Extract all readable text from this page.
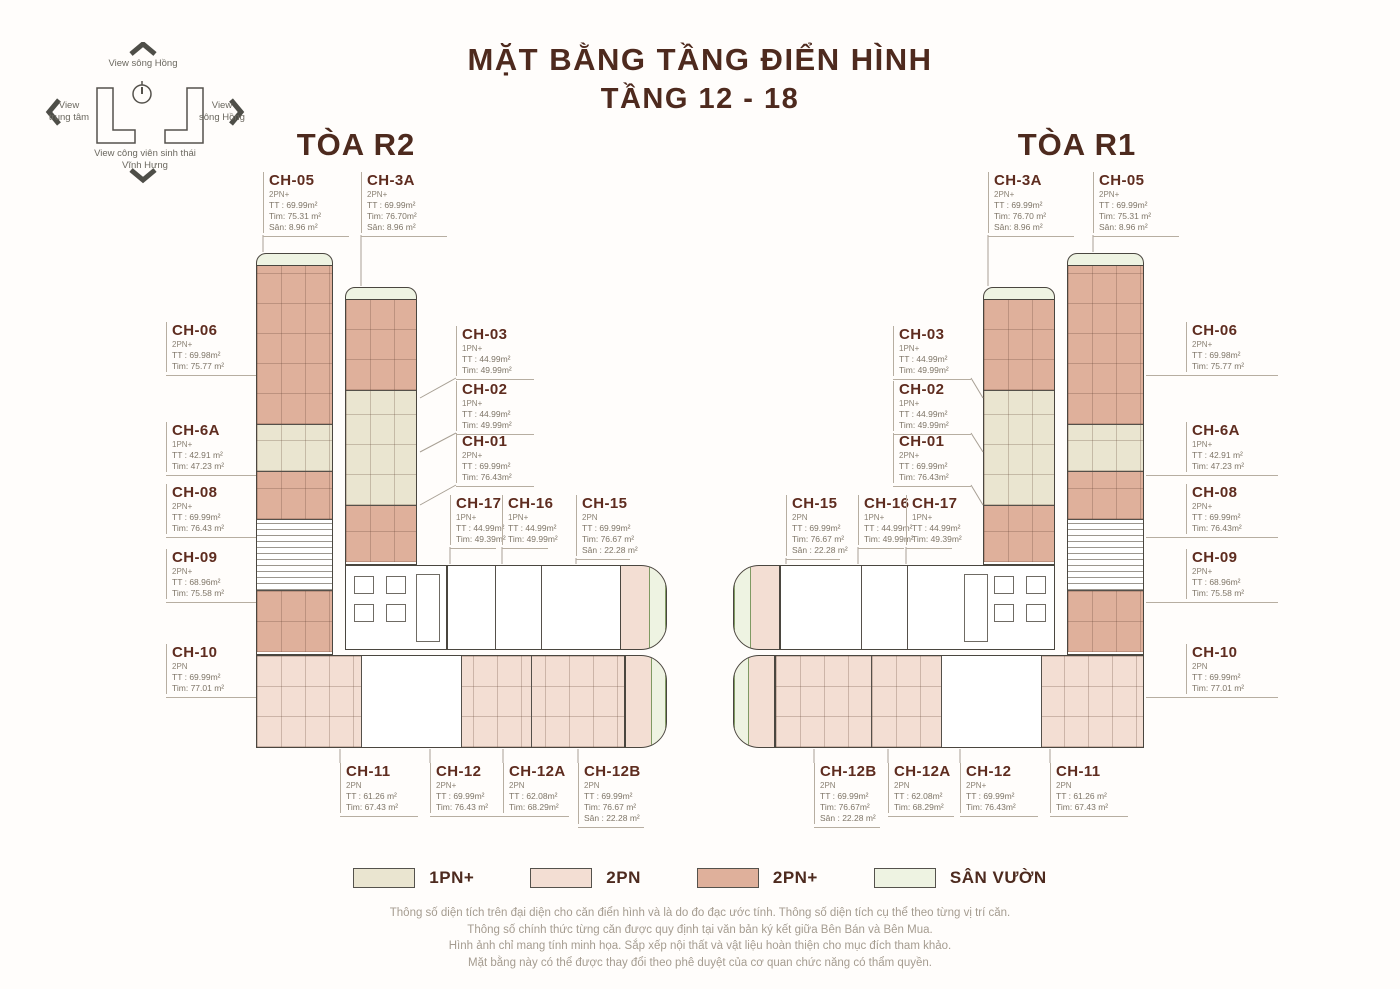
MẶT BẰNG TẦNG ĐIỂN HÌNH
TẦNG 12 - 18
View sông Hồng
View
trung tâm
View
sông Hồng
View công viên sinh thái
Vĩnh Hưng
TÒA R2	TÒA R1
CH-05
2PN+
TT : 69.99m²
Tim: 75.31 m²
Sân: 8.96 m²
CH-3A
2PN+
TT : 69.99m²
Tim: 76.70m²
Sân: 8.96 m²
CH-06
2PN+
TT : 69.98m²
Tim: 75.77 m²
CH-6A
1PN+
TT : 42.91 m²
Tim: 47.23 m²
CH-08
2PN+
TT : 69.99m²
Tim: 76.43 m²
CH-09
2PN+
TT : 68.96m²
Tim: 75.58 m²
CH-10
2PN
TT : 69.99m²
Tim: 77.01 m²
CH-03
1PN+
TT : 44.99m²
Tim: 49.99m²
CH-02
1PN+
TT : 44.99m²
Tim: 49.99m²
CH-01
2PN+
TT : 69.99m²
Tim: 76.43m²
CH-17
1PN+
TT : 44.99m²
Tim: 49.39m²
CH-16
1PN+
TT : 44.99m²
Tim: 49.99m²
CH-15
2PN
TT : 69.99m²
Tim: 76.67 m²
Sân : 22.28 m²
CH-11
2PN
TT : 61.26 m²
Tim: 67.43 m²
CH-12
2PN+
TT : 69.99m²
Tim: 76.43 m²
CH-12A
2PN
TT : 62.08m²
Tim: 68.29m²
CH-12B
2PN
TT : 69.99m²
Tim: 76.67 m²
Sân : 22.28 m²
CH-3A
2PN+
TT : 69.99m²
Tim: 76.70 m²
Sân: 8.96 m²
CH-05
2PN+
TT : 69.99m²
Tim: 75.31 m²
Sân: 8.96 m²
CH-03
1PN+
TT : 44.99m²
Tim: 49.99m²
CH-02
1PN+
TT : 44.99m²
Tim: 49.99m²
CH-01
2PN+
TT : 69.99m²
Tim: 76.43m²
CH-15
2PN
TT : 69.99m²
Tim: 76.67 m²
Sân : 22.28 m²
CH-16
1PN+
TT : 44.99m²
Tim: 49.99m²
CH-17
1PN+
TT : 44.99m²
Tim: 49.39m²
CH-06
2PN+
TT : 69.98m²
Tim: 75.77 m²
CH-6A
1PN+
TT : 42.91 m²
Tim: 47.23 m²
CH-08
2PN+
TT : 69.99m²
Tim: 76.43m²
CH-09
2PN+
TT : 68.96m²
Tim: 75.58 m²
CH-10
2PN
TT : 69.99m²
Tim: 77.01 m²
CH-12B
2PN
TT : 69.99m²
Tim: 76.67m²
Sân : 22.28 m²
CH-12A
2PN
TT : 62.08m²
Tim: 68.29m²
CH-12
2PN+
TT : 69.99m²
Tim: 76.43m²
CH-11
2PN
TT : 61.26 m²
Tim: 67.43 m²
1PN+	2PN	2PN+	SÂN VƯỜN
Thông số diện tích trên đại diện cho căn điển hình và là do đo đạc ước tính. Thông số diện tích cụ thể theo từng vị trí căn.
Thông số chính thức từng căn được quy định tại văn bản ký kết giữa Bên Bán và Bên Mua.
Hình ảnh chỉ mang tính minh họa. Sắp xếp nội thất và vật liệu hoàn thiện cho mục đích tham khảo.
Mặt bằng này có thể được thay đổi theo phê duyệt của cơ quan chức năng có thẩm quyền.
